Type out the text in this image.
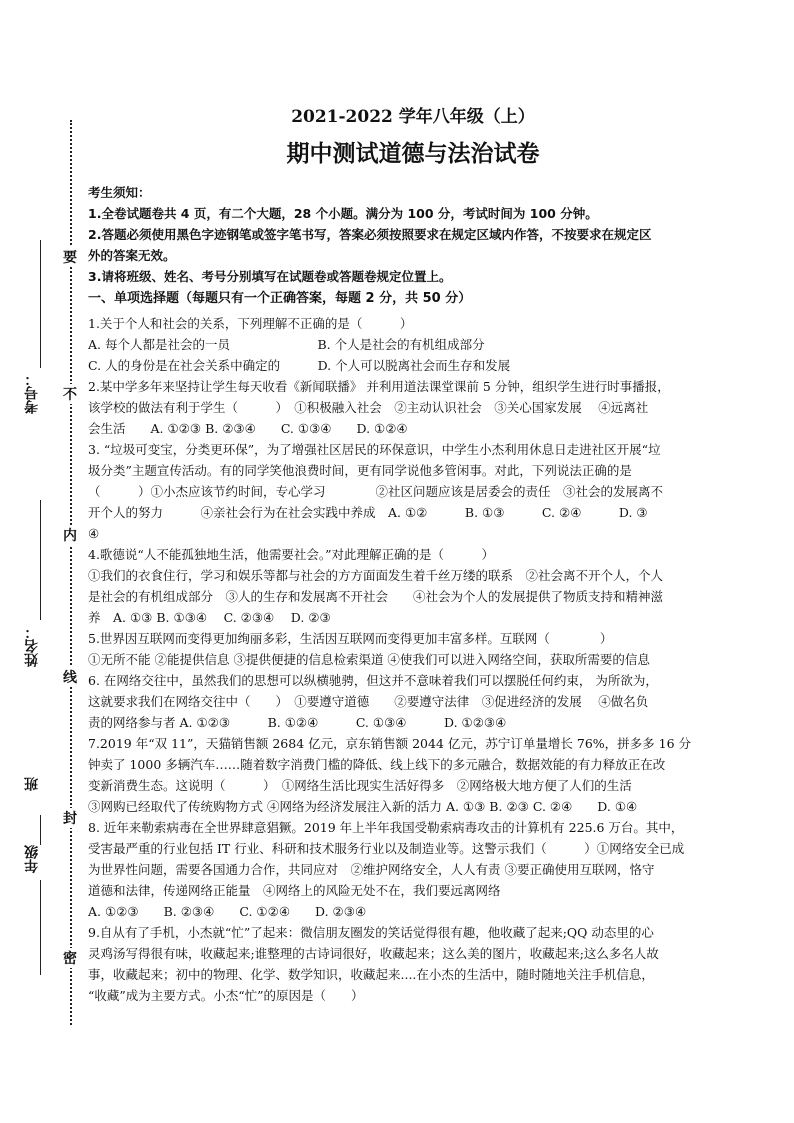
考号：
姓名：
年级
班
要
不
内
线
封
密
2021-2022 学年八年级（上）
期中测试道德与法治试卷

考生须知：

1.全卷试题卷共 4 页，有二个大题，28 个小题。满分为 100 分，考试时间为 100 分钟。

2.答题必须使用黑色字迹钢笔或签字笔书写，答案必须按照要求在规定区域内作答，不按要求在规定区

外的答案无效。

3.请将班级、姓名、考号分别填写在试题卷或答题卷规定位置上。

一、单项选择题（每题只有一个正确答案，每题 2 分，共 50 分）
1.关于个人和社会的关系，下列理解不正确的是（　　　）
A. 每个人都是社会的一员　　　　　　　B. 个人是社会的有机组成部分
C. 人的身份是在社会关系中确定的　　　D. 个人可以脱离社会而生存和发展
2.某中学多年来坚持让学生每天收看《新闻联播》 并利用道法课堂课前 5 分钟，组织学生进行时事播报，
该学校的做法有利于学生（　　　）　①积极融入社会　②主动认识社会　③关心国家发展　 ④远离社
会生活　　A. ①②③ B. ②③④　　C. ①③④　　D. ①②④
3. “垃圾可变宝，分类更环保”，为了增强社区居民的环保意识，中学生小杰利用休息日走进社区开展“垃
圾分类”主题宣传活动。有的同学笑他浪费时间，更有同学说他多管闲事。对此，下列说法正确的是
（　　　）①小杰应该节约时间，专心学习　　　　②社区问题应该是居委会的责任　③社会的发展离不
开个人的努力　　　④亲社会行为在社会实践中养成　A. ①②　　　B. ①③　　　C. ②④　　　D. ③
④
4.歌德说“人不能孤独地生活，他需要社会。”对此理解正确的是（　　　）
①我们的衣食住行，学习和娱乐等都与社会的方方面面发生着千丝万缕的联系　②社会离不开个人，个人
是社会的有机组成部分　③人的生存和发展离不开社会　　④社会为个人的发展提供了物质支持和精神滋
养　A. ①③ B. ①③④　 C. ②③④　 D. ②③
5.世界因互联网而变得更加绚丽多彩，生活因互联网而变得更加丰富多样。互联网（　　　　）
①无所不能 ②能提供信息 ③提供便捷的信息检索渠道 ④使我们可以进入网络空间，获取所需要的信息
6. 在网络交往中，虽然我们的思想可以纵横驰骋，但这并不意味着我们可以摆脱任何约束， 为所欲为，
这就要求我们在网络交往中（　　）　①要遵守道德　　②要遵守法律　③促进经济的发展　 ④做名负
责的网络参与者 A. ①②③　　　B. ①②④　　　C. ①③④　　　D. ①②③④
7.2019 年“双 11”，天猫销售额 2684 亿元，京东销售额 2044 亿元，苏宁订单量增长 76%，拼多多 16 分
钟卖了 1000 多辆汽车……随着数字消费门槛的降低、线上线下的多元融合，数据效能的有力释放正在改
变新消费生态。这说明（　　　）　①网络生活比现实生活好得多　②网络极大地方便了人们的生活
③网购已经取代了传统购物方式 ④网络为经济发展注入新的活力 A. ①③ B. ②③ C. ②④　　D. ①④
8. 近年来勒索病毒在全世界肆意猖獗。2019 年上半年我国受勒索病毒攻击的计算机有 225.6 万台。其中，
受害最严重的行业包括 IT 行业、科研和技术服务行业以及制造业等。这警示我们（　　　）①网络安全已成
为世界性问题，需要各国通力合作，共同应对　②维护网络安全，人人有责 ③要正确使用互联网，恪守
道德和法律，传递网络正能量　④网络上的风险无处不在，我们要远离网络
A. ①②③　　B. ②③④　　C. ①②④　　D. ②③④
9.自从有了手机，小杰就“忙”了起来：微信朋友圈发的笑话觉得很有趣，他收藏了起来;QQ 动态里的心
灵鸡汤写得很有味，收藏起来;谁整理的古诗词很好，收藏起来；这么美的图片，收藏起来;这么多名人故
事，收藏起来；初中的物理、化学、数学知识，收藏起来....在小杰的生活中，随时随地关注手机信息，
“收藏”成为主要方式。小杰“忙”的原因是（　　）
